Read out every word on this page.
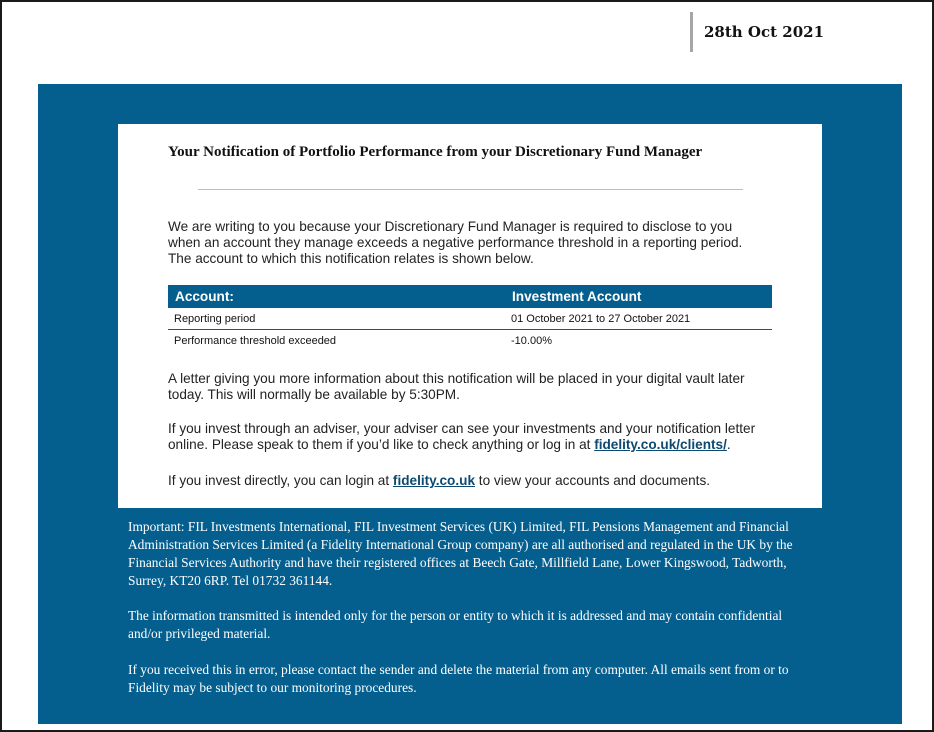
28th Oct 2021
Your Notification of Portfolio Performance from your Discretionary Fund Manager

We are writing to you because your Discretionary Fund Manager is required to disclose to you when an account they manage exceeds a negative performance threshold in a reporting period. The account to which this notification relates is shown below.

Account:	Investment Account
Reporting period	01 October 2021 to 27 October 2021
Performance threshold exceeded	-10.00%

A letter giving you more information about this notification will be placed in your digital vault later today. This will normally be available by 5:30PM.

If you invest through an adviser, your adviser can see your investments and your notification letter online. Please speak to them if you’d like to check anything or log in at fidelity.co.uk/clients/.

If you invest directly, you can login at fidelity.co.uk to view your accounts and documents.

Important: FIL Investments International, FIL Investment Services (UK) Limited, FIL Pensions Management and Financial Administration Services Limited (a Fidelity International Group company) are all authorised and regulated in the UK by the Financial Services Authority and have their registered offices at Beech Gate, Millfield Lane, Lower Kingswood, Tadworth, Surrey, KT20 6RP. Tel 01732 361144.

The information transmitted is intended only for the person or entity to which it is addressed and may contain confidential and/or privileged material.

If you received this in error, please contact the sender and delete the material from any computer. All emails sent from or to Fidelity may be subject to our monitoring procedures.
